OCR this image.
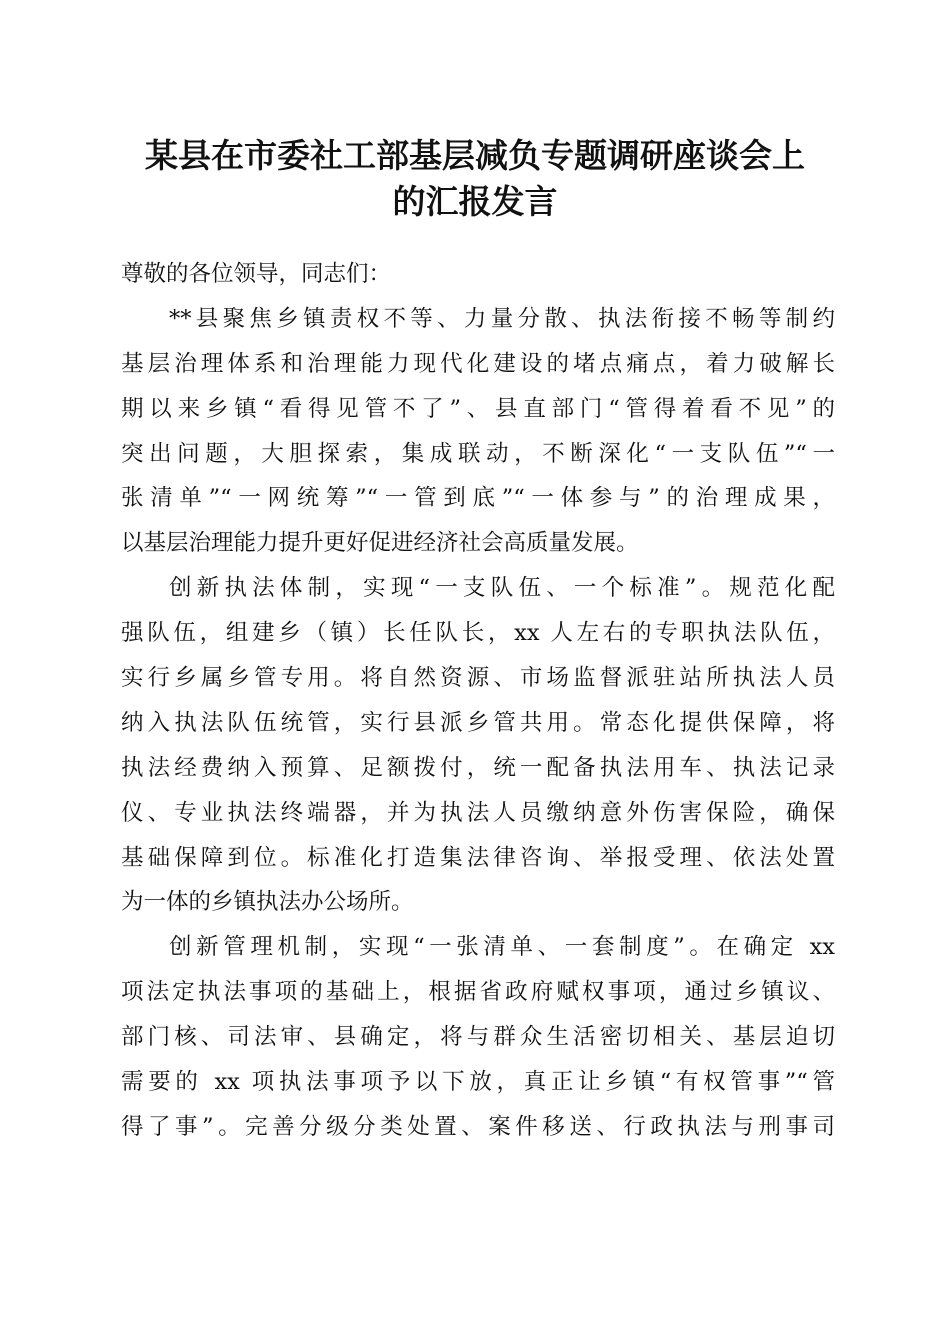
某县在市委社工部基层减负专题调研座谈会上
的汇报发言
尊敬的各位领导，同志们：
**县聚焦乡镇责权不等、力量分散、执法衔接不畅等制约
基层治理体系和治理能力现代化建设的堵点痛点，着力破解长
期以来乡镇“看得见管不了”、县直部门“管得着看不见”的
突出问题，大胆探索，集成联动，不断深化“一支队伍”“一
张清单”“一网统筹”“一管到底”“一体参与”的治理成果，
以基层治理能力提升更好促进经济社会高质量发展。
创新执法体制，实现“一支队伍、一个标准”。规范化配
强队伍，组建乡（镇）长任队长，xx 人左右的专职执法队伍，
实行乡属乡管专用。将自然资源、市场监督派驻站所执法人员
纳入执法队伍统管，实行县派乡管共用。常态化提供保障，将
执法经费纳入预算、足额拨付，统一配备执法用车、执法记录
仪、专业执法终端器，并为执法人员缴纳意外伤害保险，确保
基础保障到位。标准化打造集法律咨询、举报受理、依法处置
为一体的乡镇执法办公场所。
创新管理机制，实现“一张清单、一套制度”。在确定 xx
项法定执法事项的基础上，根据省政府赋权事项，通过乡镇议、
部门核、司法审、县确定，将与群众生活密切相关、基层迫切
需要的 xx 项执法事项予以下放，真正让乡镇“有权管事”“管
得了事”。完善分级分类处置、案件移送、行政执法与刑事司
